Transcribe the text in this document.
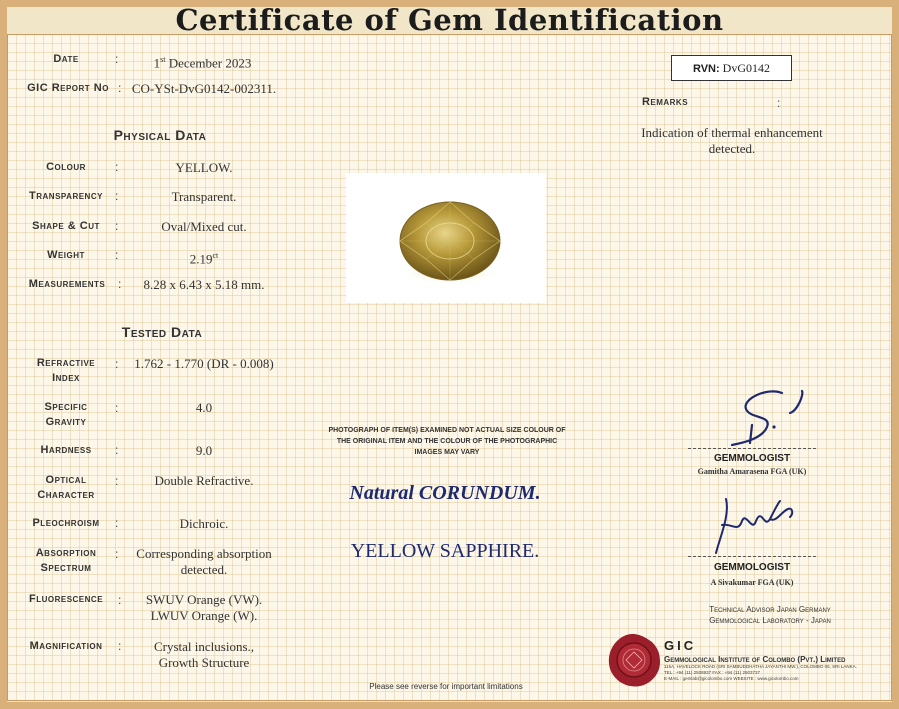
Certificate of Gem Identification
Date	:	1st December 2023
GIC Report No : CO-YSt-DvG0142-002311.
RVN: DvG0142
Physical Data
Colour	:	YELLOW.
Transparency	:	Transparent.
Shape & Cut	:	Oval/Mixed cut.
Weight	:	$2.19^{ct}$
Measurements	:	8.28 x 6.43 x 5.18 mm.
Tested Data
Refractive
Index
:	1.762 - 1.770 (DR - 0.008)
Specific
Gravity
:	4.0
Hardness	:	9.0
Optical
Character
:	Double Refractive.
Pleochroism	:	Dichroic.
Absorption
Spectrum
:	Corresponding absorption
detected.
Fluorescence	:	SWUV Orange (VW).
LWUV Orange (W).
Magnification	:	Crystal inclusions.,
Growth Structure
Remarks	:
Indication of thermal enhancement
detected.
PHOTOGRAPH OF ITEM(S) EXAMINED NOT ACTUAL SIZE COLOUR OF
THE ORIGINAL ITEM AND THE COLOUR OF THE PHOTOGRAPHIC
IMAGES MAY VARY
Natural CORUNDUM.
YELLOW SAPPHIRE.
GEMMOLOGIST
Gamitha Amarasena FGA (UK)
GEMMOLOGIST
A Sivakumar FGA (UK)
Technical Advisor Japan Germany
Gemmological Laboratory - Japan
GIC
Gemmological Institute of Colombo (Pvt.) Limited
115A, HAVELOCK ROAD (SRI SAMBUDDHATHA JAYANTHI MW.), COLOMBO 05, SRI LANKA.
TEL : +94 (11) 2508937 FAX : +94 (11) 2503737
E-MAIL : gemlab@gicolombo.com WEBSITE : www.gicolombo.com
Please see reverse for important limitations
